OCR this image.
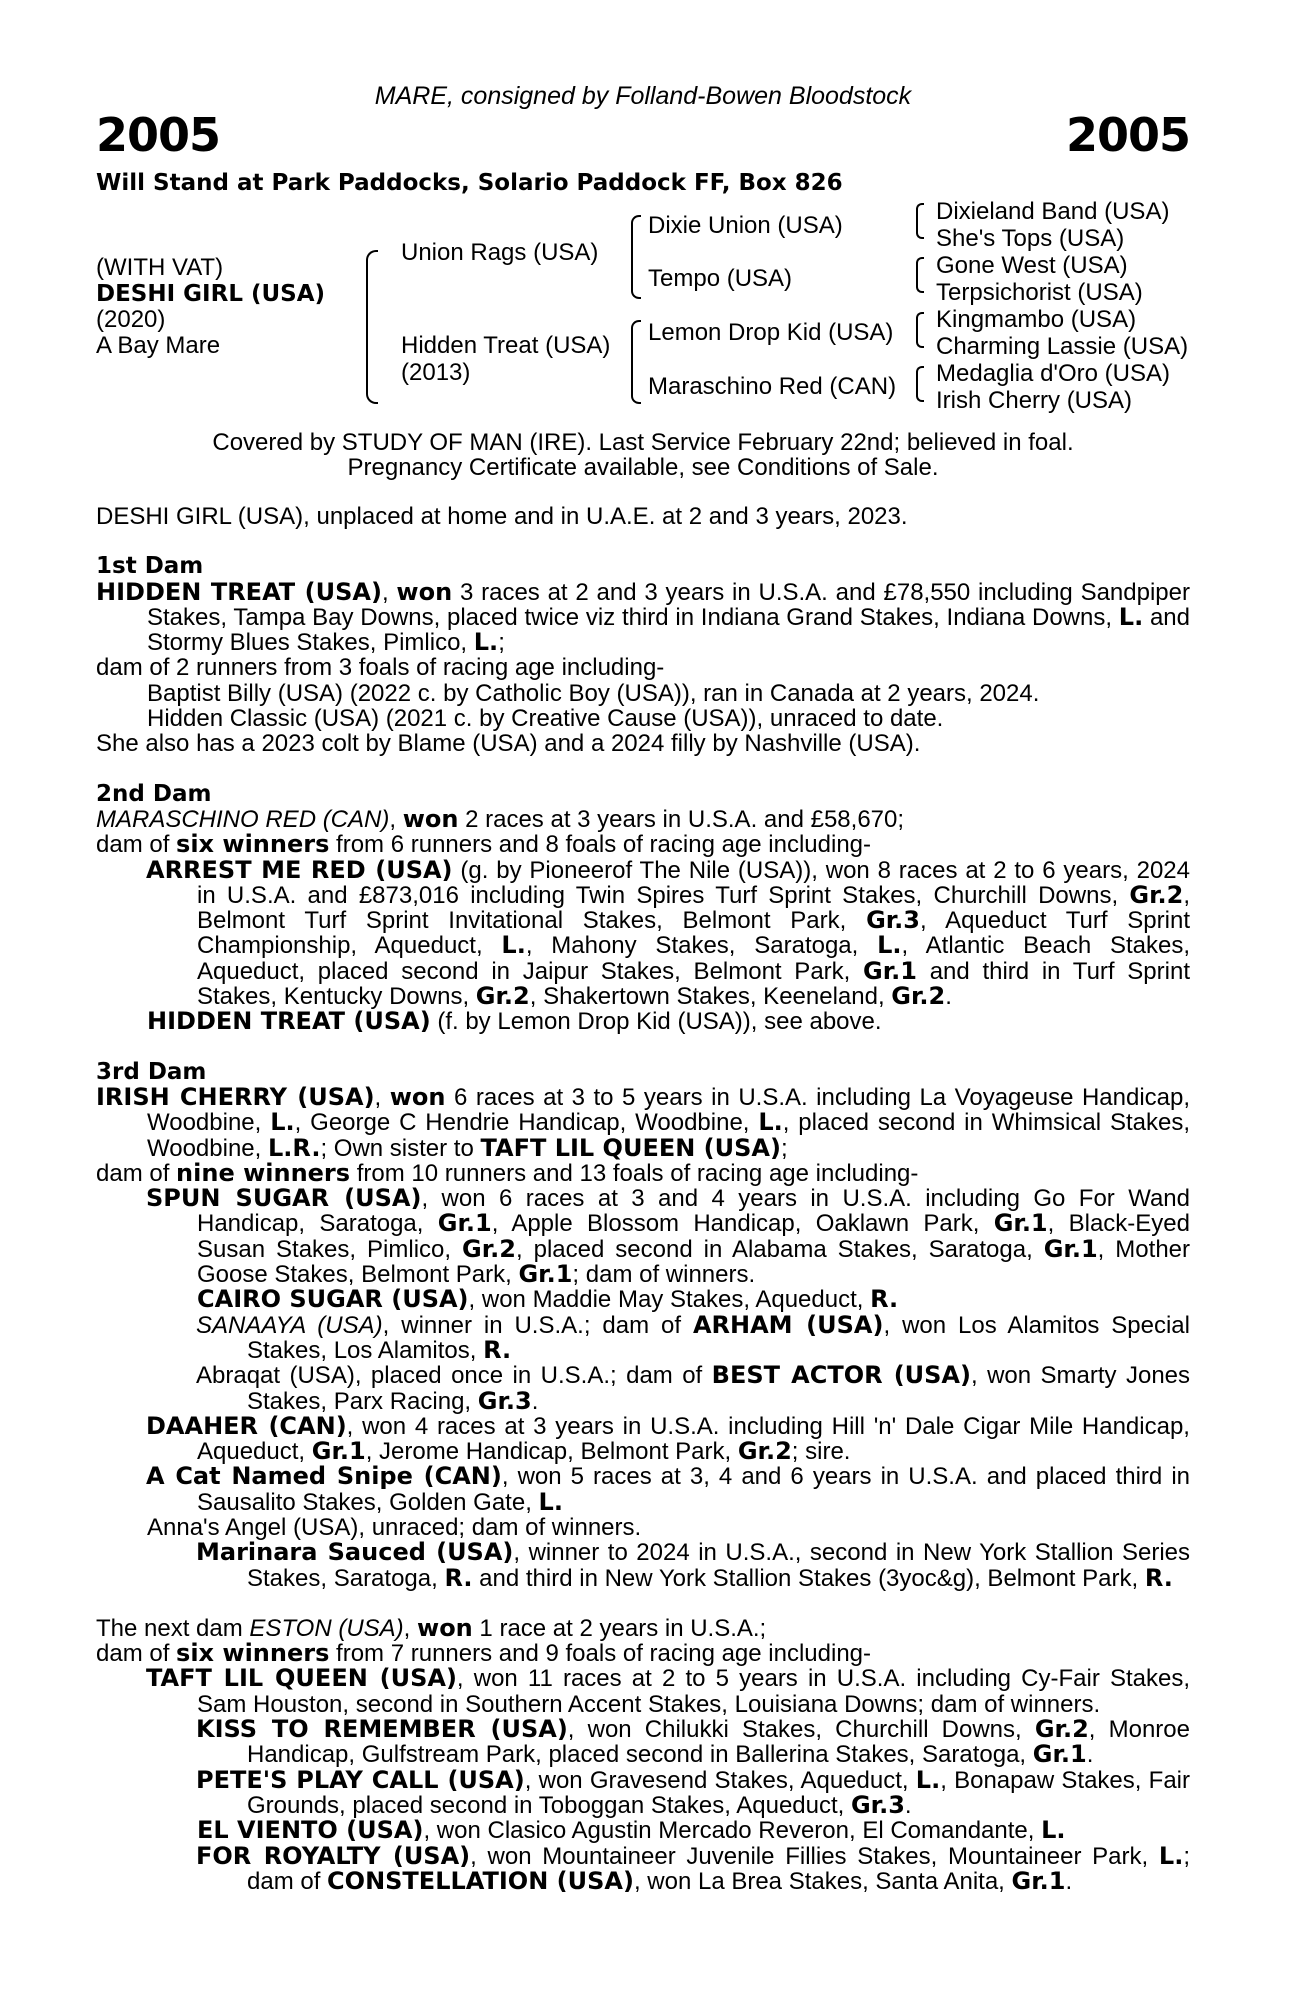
MARE, consigned by Folland-Bowen Bloodstock
2005	2005
Will Stand at Park Paddocks, Solario Paddock FF, Box 826
(WITH VAT)
DESHI GIRL (USA)
(2020)
A Bay Mare
Union Rags (USA)
Hidden Treat (USA)
(2013)
Dixie Union (USA)
Tempo (USA)
Lemon Drop Kid (USA)
Maraschino Red (CAN)
Dixieland Band (USA)
She's Tops (USA)
Gone West (USA)
Terpsichorist (USA)
Kingmambo (USA)
Charming Lassie (USA)
Medaglia d'Oro (USA)
Irish Cherry (USA)
Covered by STUDY OF MAN (IRE). Last Service February 22nd; believed in foal.
Pregnancy Certificate available, see Conditions of Sale.

DESHI GIRL (USA), unplaced at home and in U.A.E. at 2 and 3 years, 2023.

1st Dam

HIDDEN TREAT (USA), won 3 races at 2 and 3 years in U.S.A. and £78,550 including Sandpiper Stakes, Tampa Bay Downs, placed twice viz third in Indiana Grand Stakes, Indiana Downs, L. and Stormy Blues Stakes, Pimlico, L.;

dam of 2 runners from 3 foals of racing age including-

Baptist Billy (USA) (2022 c. by Catholic Boy (USA)), ran in Canada at 2 years, 2024.

Hidden Classic (USA) (2021 c. by Creative Cause (USA)), unraced to date.

She also has a 2023 colt by Blame (USA) and a 2024 filly by Nashville (USA).

2nd Dam

MARASCHINO RED (CAN), won 2 races at 3 years in U.S.A. and £58,670;

dam of six winners from 6 runners and 8 foals of racing age including-

ARREST ME RED (USA) (g. by Pioneerof The Nile (USA)), won 8 races at 2 to 6 years, 2024 in U.S.A. and £873,016 including Twin Spires Turf Sprint Stakes, Churchill Downs, Gr.2, Belmont Turf Sprint Invitational Stakes, Belmont Park, Gr.3, Aqueduct Turf Sprint Championship, Aqueduct, L., Mahony Stakes, Saratoga, L., Atlantic Beach Stakes, Aqueduct, placed second in Jaipur Stakes, Belmont Park, Gr.1 and third in Turf Sprint Stakes, Kentucky Downs, Gr.2, Shakertown Stakes, Keeneland, Gr.2.

HIDDEN TREAT (USA) (f. by Lemon Drop Kid (USA)), see above.

3rd Dam

IRISH CHERRY (USA), won 6 races at 3 to 5 years in U.S.A. including La Voyageuse Handicap, Woodbine, L., George C Hendrie Handicap, Woodbine, L., placed second in Whimsical Stakes, Woodbine, L.R.; Own sister to TAFT LIL QUEEN (USA);

dam of nine winners from 10 runners and 13 foals of racing age including-

SPUN SUGAR (USA), won 6 races at 3 and 4 years in U.S.A. including Go For Wand Handicap, Saratoga, Gr.1, Apple Blossom Handicap, Oaklawn Park, Gr.1, Black-Eyed Susan Stakes, Pimlico, Gr.2, placed second in Alabama Stakes, Saratoga, Gr.1, Mother Goose Stakes, Belmont Park, Gr.1; dam of winners.

CAIRO SUGAR (USA), won Maddie May Stakes, Aqueduct, R.

SANAAYA (USA), winner in U.S.A.; dam of ARHAM (USA), won Los Alamitos Special Stakes, Los Alamitos, R.

Abraqat (USA), placed once in U.S.A.; dam of BEST ACTOR (USA), won Smarty Jones Stakes, Parx Racing, Gr.3.

DAAHER (CAN), won 4 races at 3 years in U.S.A. including Hill 'n' Dale Cigar Mile Handicap, Aqueduct, Gr.1, Jerome Handicap, Belmont Park, Gr.2; sire.

A Cat Named Snipe (CAN), won 5 races at 3, 4 and 6 years in U.S.A. and placed third in Sausalito Stakes, Golden Gate, L.

Anna's Angel (USA), unraced; dam of winners.

Marinara Sauced (USA), winner to 2024 in U.S.A., second in New York Stallion Series Stakes, Saratoga, R. and third in New York Stallion Stakes (3yoc&g), Belmont Park, R.

The next dam ESTON (USA), won 1 race at 2 years in U.S.A.;

dam of six winners from 7 runners and 9 foals of racing age including-

TAFT LIL QUEEN (USA), won 11 races at 2 to 5 years in U.S.A. including Cy-Fair Stakes, Sam Houston, second in Southern Accent Stakes, Louisiana Downs; dam of winners.

KISS TO REMEMBER (USA), won Chilukki Stakes, Churchill Downs, Gr.2, Monroe Handicap, Gulfstream Park, placed second in Ballerina Stakes, Saratoga, Gr.1.

PETE'S PLAY CALL (USA), won Gravesend Stakes, Aqueduct, L., Bonapaw Stakes, Fair Grounds, placed second in Toboggan Stakes, Aqueduct, Gr.3.

EL VIENTO (USA), won Clasico Agustin Mercado Reveron, El Comandante, L.

FOR ROYALTY (USA), won Mountaineer Juvenile Fillies Stakes, Mountaineer Park, L.; dam of CONSTELLATION (USA), won La Brea Stakes, Santa Anita, Gr.1.
